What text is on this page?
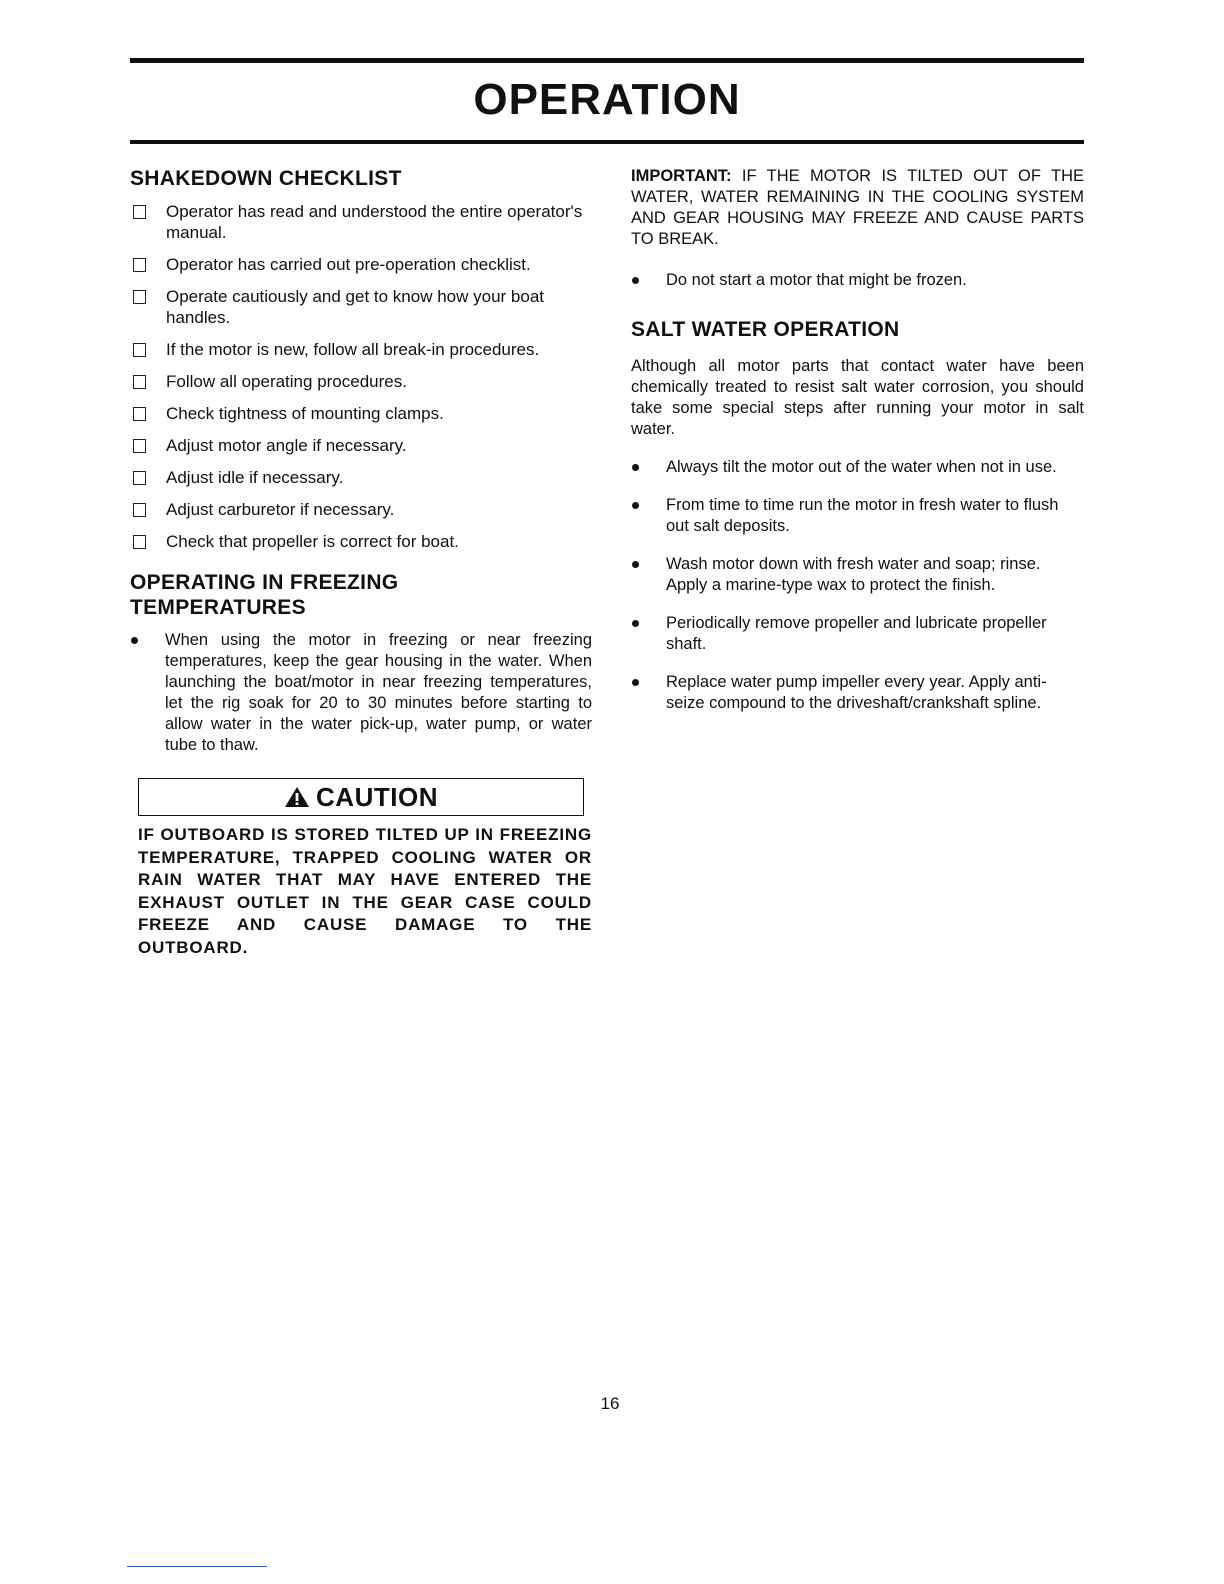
OPERATION
SHAKEDOWN CHECKLIST
Operator has read and understood the entire operator's manual.
Operator has carried out pre-operation checklist.
Operate cautiously and get to know how your boat handles.
If the motor is new, follow all break-in procedures.
Follow all operating procedures.
Check tightness of mounting clamps.
Adjust motor angle if necessary.
Adjust idle if necessary.
Adjust carburetor if necessary.
Check that propeller is correct for boat.
OPERATING IN FREEZING TEMPERATURES
When using the motor in freezing or near freezing temperatures, keep the gear housing in the water. When launching the boat/motor in near freezing temperatures, let the rig soak for 20 to 30 minutes before starting to allow water in the water pick-up, water pump, or water tube to thaw.
CAUTION

IF OUTBOARD IS STORED TILTED UP IN FREEZING TEMPERATURE, TRAPPED COOLING WATER OR RAIN WATER THAT MAY HAVE ENTERED THE EXHAUST OUTLET IN THE GEAR CASE COULD FREEZE AND CAUSE DAMAGE TO THE OUTBOARD.

IMPORTANT: IF THE MOTOR IS TILTED OUT OF THE WATER, WATER REMAINING IN THE COOLING SYSTEM AND GEAR HOUSING MAY FREEZE AND CAUSE PARTS TO BREAK.

Do not start a motor that might be frozen.
SALT WATER OPERATION

Although all motor parts that contact water have been chemically treated to resist salt water corrosion, you should take some special steps after running your motor in salt water.

Always tilt the motor out of the water when not in use.
From time to time run the motor in fresh water to flush out salt deposits.
Wash motor down with fresh water and soap; rinse. Apply a marine-type wax to protect the finish.
Periodically remove propeller and lubricate propeller shaft.
Replace water pump impeller every year. Apply anti-seize compound to the driveshaft/crankshaft spline.
16
